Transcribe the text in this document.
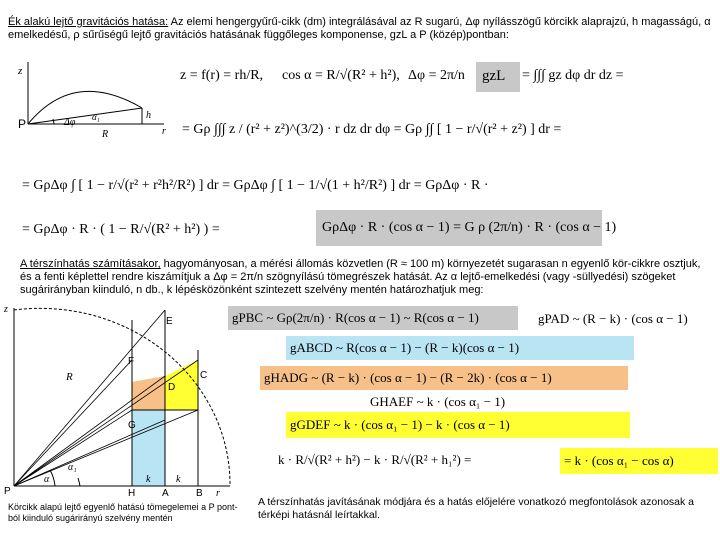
Ék alakú lejtő gravitációs hatása: Az elemi hengergyűrű-cikk (dm) integrálásával az R sugarú, Δφ nyílásszögű körcikk alaprajzú, h magasságú, α emelkedésű, ρ sűrűségű lejtő gravitációs hatásának függőleges komponense, gzL a P (közép)pontban:
z
P	Δφ α₁
R
h
r
z = f(r) = rh/R, cos α = R/√(R² + h²), Δφ = 2π/n	gzL	= ∫∫∫ gz dφ dr dz =
= Gρ ∫∫∫ z / (r² + z²)^(3/2) · r dz dr dφ = Gρ ∫∫ [ 1 − r/√(r² + z²) ] dr =
= GρΔφ ∫ [ 1 − r/√(r² + r²h²/R²) ] dr = GρΔφ ∫ [ 1 − 1/√(1 + h²/R²) ] dr = GρΔφ · R ·
= GρΔφ · R · ( 1 − R/√(R² + h²) ) =	GρΔφ · R · (cos α − 1) = G ρ (2π/n) · R · (cos α − 1)
A térszínhatás számításakor, hagyományosan, a mérési állomás közvetlen (R ≈ 100 m) környezetét sugarasan n egyenlő kör-cikkre osztjuk, és a fenti képlettel rendre kiszámítjuk a Δφ = 2π/n szögnyílású tömegrészek hatását. Az α lejtő-emelkedési (vagy -süllyedési) szögeket sugárirányban kiinduló, n db., k lépésközönként szintezett szelvény mentén határozhatjuk meg:
z
P
α
α₁
R
H	A	B
C
D
E
F
G
k	k
r
Körcikk alapú lejtő egyenlő hatású tömegelemei a P pont-ból kiinduló sugárirányú szelvény mentén
gPBC ~ Gρ(2π/n) · R(cos α − 1) ~ R(cos α − 1)	gPAD ~ (R − k) · (cos α − 1)
gABCD ~ R(cos α − 1) − (R − k)(cos α − 1)
gHADG ~ (R − k) · (cos α − 1) − (R − 2k) · (cos α − 1)
GHAEF ~ k · (cos α₁ − 1)
gGDEF ~ k · (cos α₁ − 1) − k · (cos α − 1)
k · R/√(R² + h²) − k · R/√(R² + h₁²) =	= k · (cos α₁ − cos α)
A térszínhatás javításának módjára és a hatás előjelére vonatkozó megfontolások azonosak a térképi hatásnál leírtakkal.
